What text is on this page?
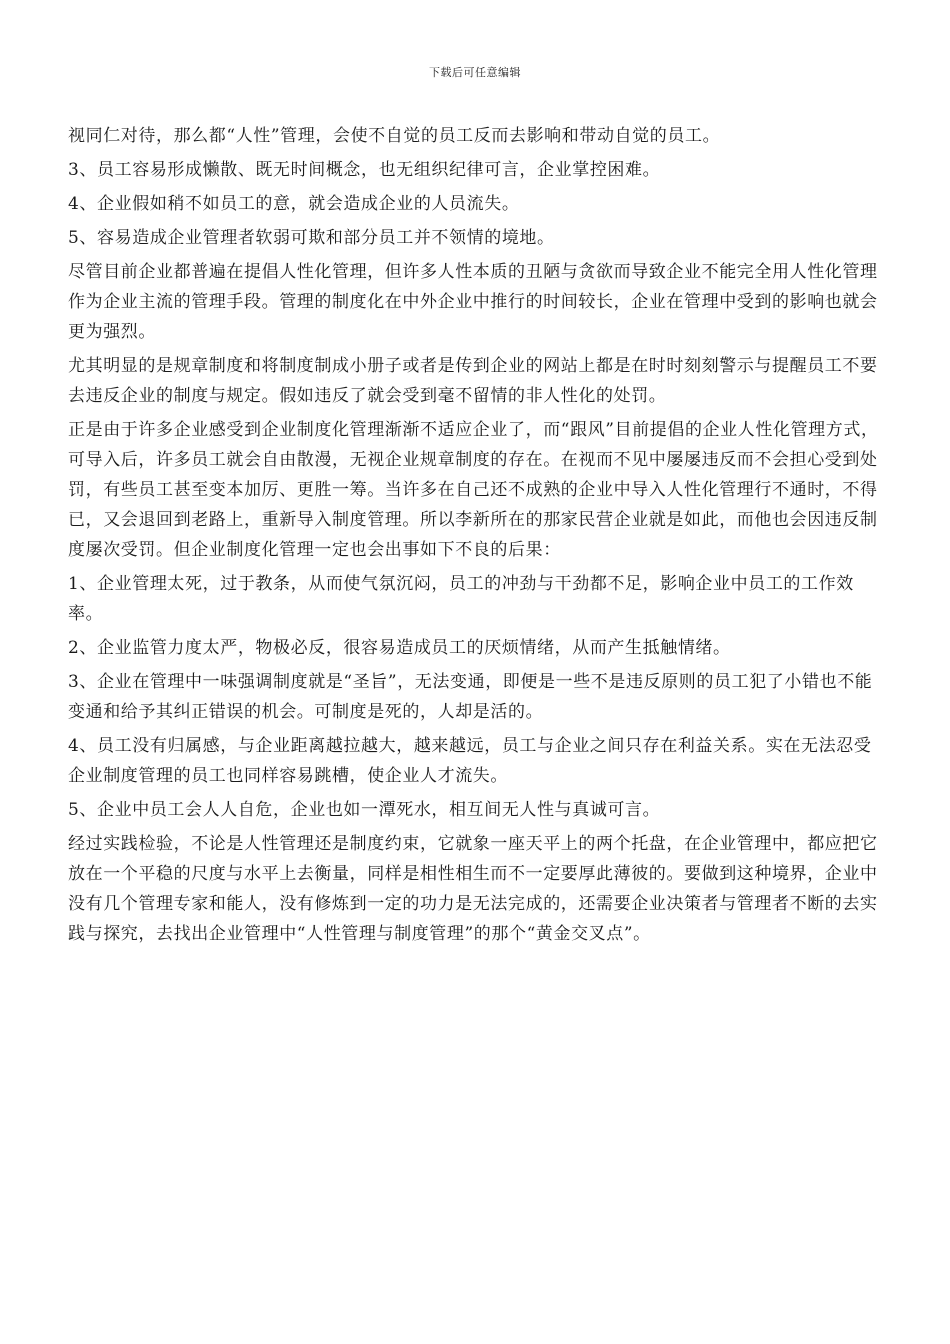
下载后可任意编辑

视同仁对待，那么都“人性”管理，会使不自觉的员工反而去影响和带动自觉的员工。

3、员工容易形成懒散、既无时间概念，也无组织纪律可言，企业掌控困难。

4、企业假如稍不如员工的意，就会造成企业的人员流失。

5、容易造成企业管理者软弱可欺和部分员工并不领情的境地。

尽管目前企业都普遍在提倡人性化管理，但许多人性本质的丑陋与贪欲而导致企业不能完全用人性化管理作为企业主流的管理手段。管理的制度化在中外企业中推行的时间较长，企业在管理中受到的影响也就会更为强烈。

尤其明显的是规章制度和将制度制成小册子或者是传到企业的网站上都是在时时刻刻警示与提醒员工不要去违反企业的制度与规定。假如违反了就会受到毫不留情的非人性化的处罚。

正是由于许多企业感受到企业制度化管理渐渐不适应企业了，而“跟风”目前提倡的企业人性化管理方式，可导入后，许多员工就会自由散漫，无视企业规章制度的存在。在视而不见中屡屡违反而不会担心受到处罚，有些员工甚至变本加厉、更胜一筹。当许多在自己还不成熟的企业中导入人性化管理行不通时，不得已，又会退回到老路上，重新导入制度管理。所以李新所在的那家民营企业就是如此，而他也会因违反制度屡次受罚。但企业制度化管理一定也会出事如下不良的后果：

1、企业管理太死，过于教条，从而使气氛沉闷，员工的冲劲与干劲都不足，影响企业中员工的工作效率。

2、企业监管力度太严，物极必反，很容易造成员工的厌烦情绪，从而产生抵触情绪。

3、企业在管理中一味强调制度就是“圣旨”，无法变通，即便是一些不是违反原则的员工犯了小错也不能变通和给予其纠正错误的机会。可制度是死的，人却是活的。

4、员工没有归属感，与企业距离越拉越大，越来越远，员工与企业之间只存在利益关系。实在无法忍受企业制度管理的员工也同样容易跳槽，使企业人才流失。

5、企业中员工会人人自危，企业也如一潭死水，相互间无人性与真诚可言。

经过实践检验，不论是人性管理还是制度约束，它就象一座天平上的两个托盘，在企业管理中，都应把它放在一个平稳的尺度与水平上去衡量，同样是相性相生而不一定要厚此薄彼的。要做到这种境界，企业中没有几个管理专家和能人，没有修炼到一定的功力是无法完成的，还需要企业决策者与管理者不断的去实践与探究，去找出企业管理中“人性管理与制度管理”的那个“黄金交叉点”。
